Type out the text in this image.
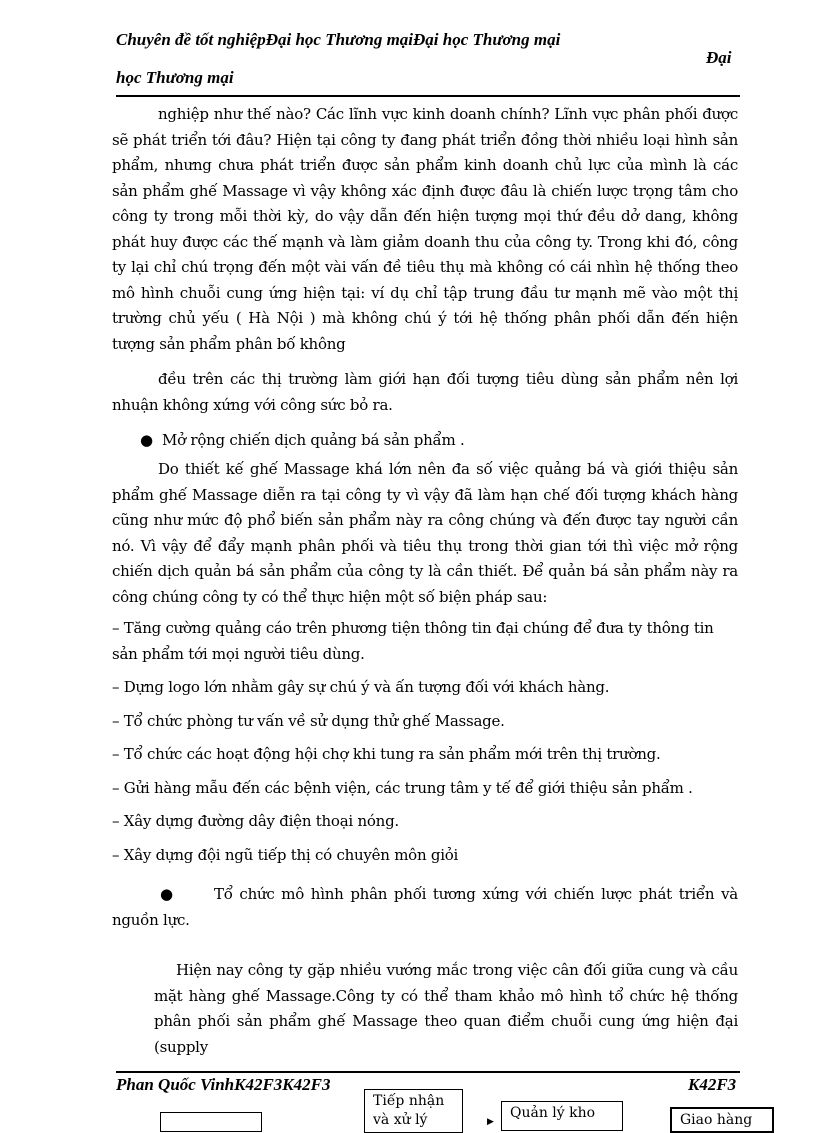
Chuyên đề tốt nghiệpĐại học Thương mạiĐại học Thương mại
Đại
học Thương mại

nghiệp như thế nào? Các lĩnh vực kinh doanh chính? Lĩnh vực phân phối được sẽ phát triển tới đâu? Hiện tại công ty đang phát triển đồng thời nhiều loại hình sản phẩm, nhưng chưa phát triển được sản phẩm kinh doanh chủ lực của mình là các sản phẩm ghế Massage vì vậy không xác định được đâu là chiến lược trọng tâm cho công ty trong mỗi thời kỳ, do vậy dẫn đến hiện tượng mọi thứ đều dở dang, không phát huy được các thế mạnh và làm giảm doanh thu của công ty. Trong khi đó, công ty lại chỉ chú trọng đến một vài vấn đề tiêu thụ mà không có cái nhìn hệ thống theo mô hình chuỗi cung ứng hiện tại: ví dụ chỉ tập trung đầu tư mạnh mẽ vào một thị trường chủ yếu ( Hà Nội ) mà không chú ý tới hệ thống phân phối dẫn đến hiện tượng sản phẩm phân bố không

đều trên các thị trường làm giới hạn đối tượng tiêu dùng sản phẩm nên lợi nhuận không xứng với công sức bỏ ra.

● Mở rộng chiến dịch quảng bá sản phẩm .

Do thiết kế ghế Massage khá lớn nên đa số việc quảng bá và giới thiệu sản phẩm ghế Massage diễn ra tại công ty vì vậy đã làm hạn chế đối tượng khách hàng cũng như mức độ phổ biến sản phẩm này ra công chúng và đến được tay người cần nó. Vì vậy để đẩy mạnh phân phối và tiêu thụ trong thời gian tới thì việc mở rộng chiến dịch quản bá sản phẩm của công ty là cần thiết. Để quản bá sản phẩm này ra công chúng công ty có thể thực hiện một số biện pháp sau:

– Tăng cường quảng cáo trên phương tiện thông tin đại chúng để đưa ty thông tin sản phẩm tới mọi người tiêu dùng.

– Dựng logo lớn nhằm gây sự chú ý và ấn tượng đối với khách hàng.

– Tổ chức phòng tư vấn về sử dụng thử ghế Massage.

– Tổ chức các hoạt động hội chợ khi tung ra sản phẩm mới trên thị trường.

– Gửi hàng mẫu đến các bệnh viện, các trung tâm y tế để giới thiệu sản phẩm .

– Xây dựng đường dây điện thoại nóng.

– Xây dựng đội ngũ tiếp thị có chuyên môn giỏi

●	Tổ chức mô hình phân phối tương xứng với chiến lược phát triển và nguồn lực.

Hiện nay công ty gặp nhiều vướng mắc trong việc cân đối giữa cung và cầu mặt hàng ghế Massage.Công ty có thể tham khảo mô hình tổ chức hệ thống phân phối sản phẩm ghế Massage theo quan điểm chuỗi cung ứng hiện đại (supply

Phan Quốc VinhK42F3K42F3	K42F3
Tiếp nhận và xử lý	▶
Quản lý kho	Giao hàng
